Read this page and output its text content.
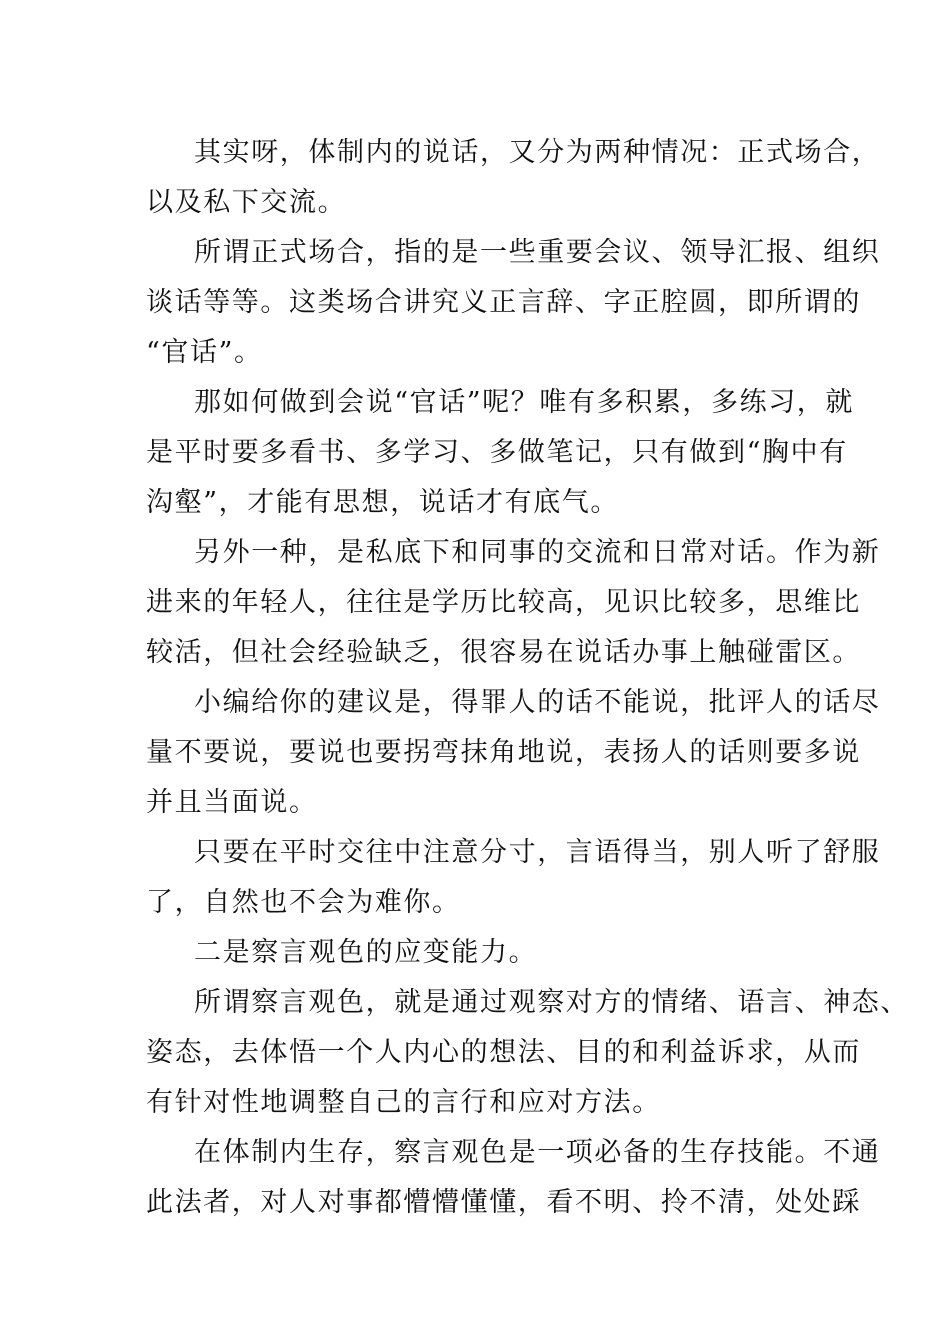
其实呀，体制内的说话，又分为两种情况：正式场合，
以及私下交流。
所谓正式场合，指的是一些重要会议、领导汇报、组织
谈话等等。这类场合讲究义正言辞、字正腔圆，即所谓的
“官话”。
那如何做到会说“官话”呢？唯有多积累，多练习，就
是平时要多看书、多学习、多做笔记，只有做到“胸中有
沟壑”，才能有思想，说话才有底气。
另外一种，是私底下和同事的交流和日常对话。作为新
进来的年轻人，往往是学历比较高，见识比较多，思维比
较活，但社会经验缺乏，很容易在说话办事上触碰雷区。
小编给你的建议是，得罪人的话不能说，批评人的话尽
量不要说，要说也要拐弯抹角地说，表扬人的话则要多说
并且当面说。
只要在平时交往中注意分寸，言语得当，别人听了舒服
了，自然也不会为难你。
二是察言观色的应变能力。
所谓察言观色，就是通过观察对方的情绪、语言、神态、
姿态，去体悟一个人内心的想法、目的和利益诉求，从而
有针对性地调整自己的言行和应对方法。
在体制内生存，察言观色是一项必备的生存技能。不通
此法者，对人对事都懵懵懂懂，看不明、拎不清，处处踩
